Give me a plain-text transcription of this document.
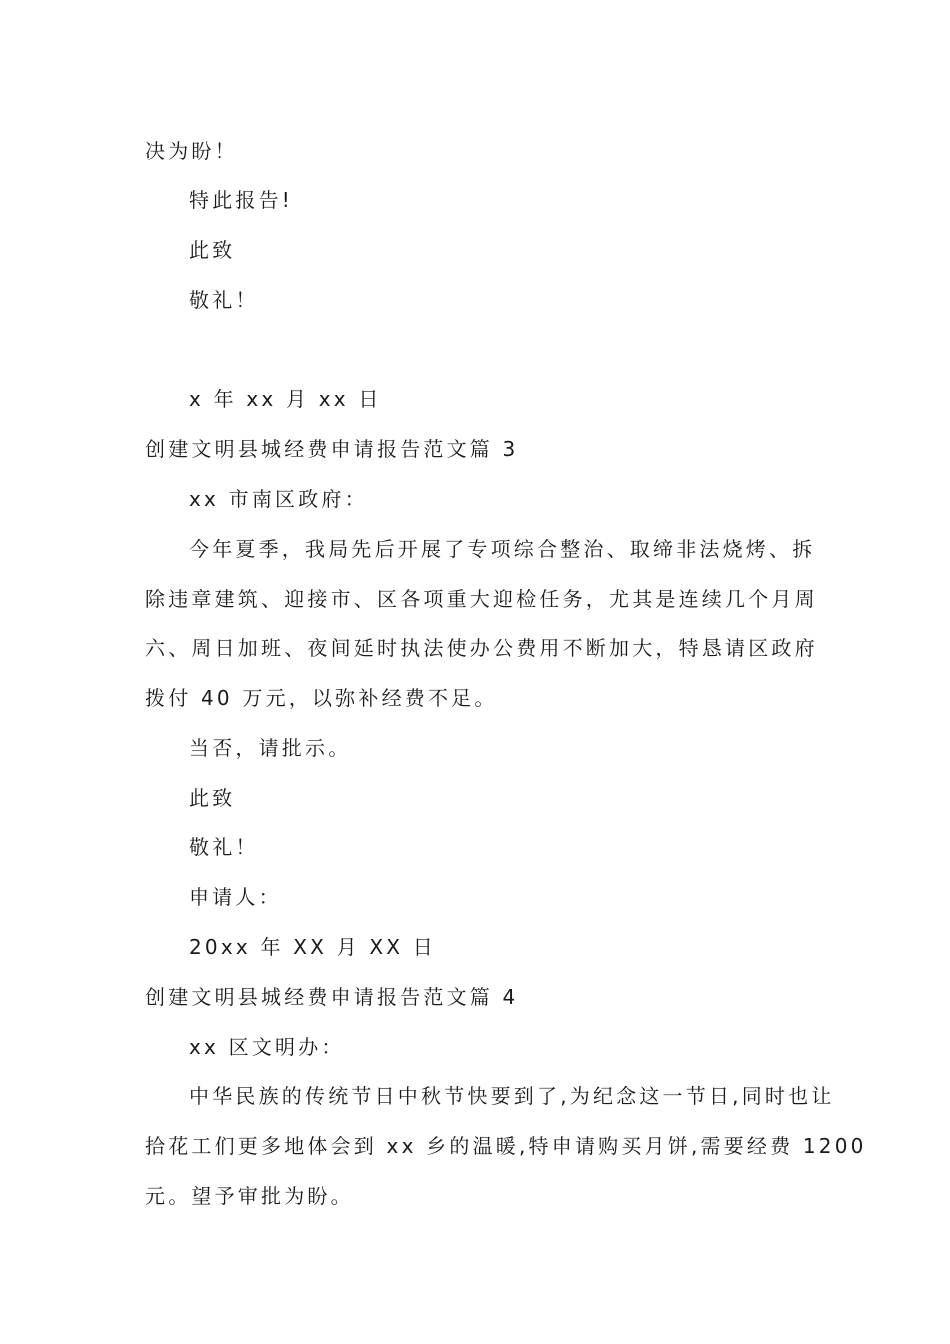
决为盼！
特此报告!
此致
敬礼！
x 年 xx 月 xx 日
创建文明县城经费申请报告范文篇 3
xx 市南区政府：
今年夏季，我局先后开展了专项综合整治、取缔非法烧烤、拆
除违章建筑、迎接市、区各项重大迎检任务，尤其是连续几个月周
六、周日加班、夜间延时执法使办公费用不断加大，特恳请区政府
拨付 40 万元，以弥补经费不足。
当否，请批示。
此致
敬礼！
申请人：
20xx 年 XX 月 XX 日
创建文明县城经费申请报告范文篇 4
xx 区文明办：
中华民族的传统节日中秋节快要到了,为纪念这一节日,同时也让
拾花工们更多地体会到 xx 乡的温暖,特申请购买月饼,需要经费 1200
元。望予审批为盼。
